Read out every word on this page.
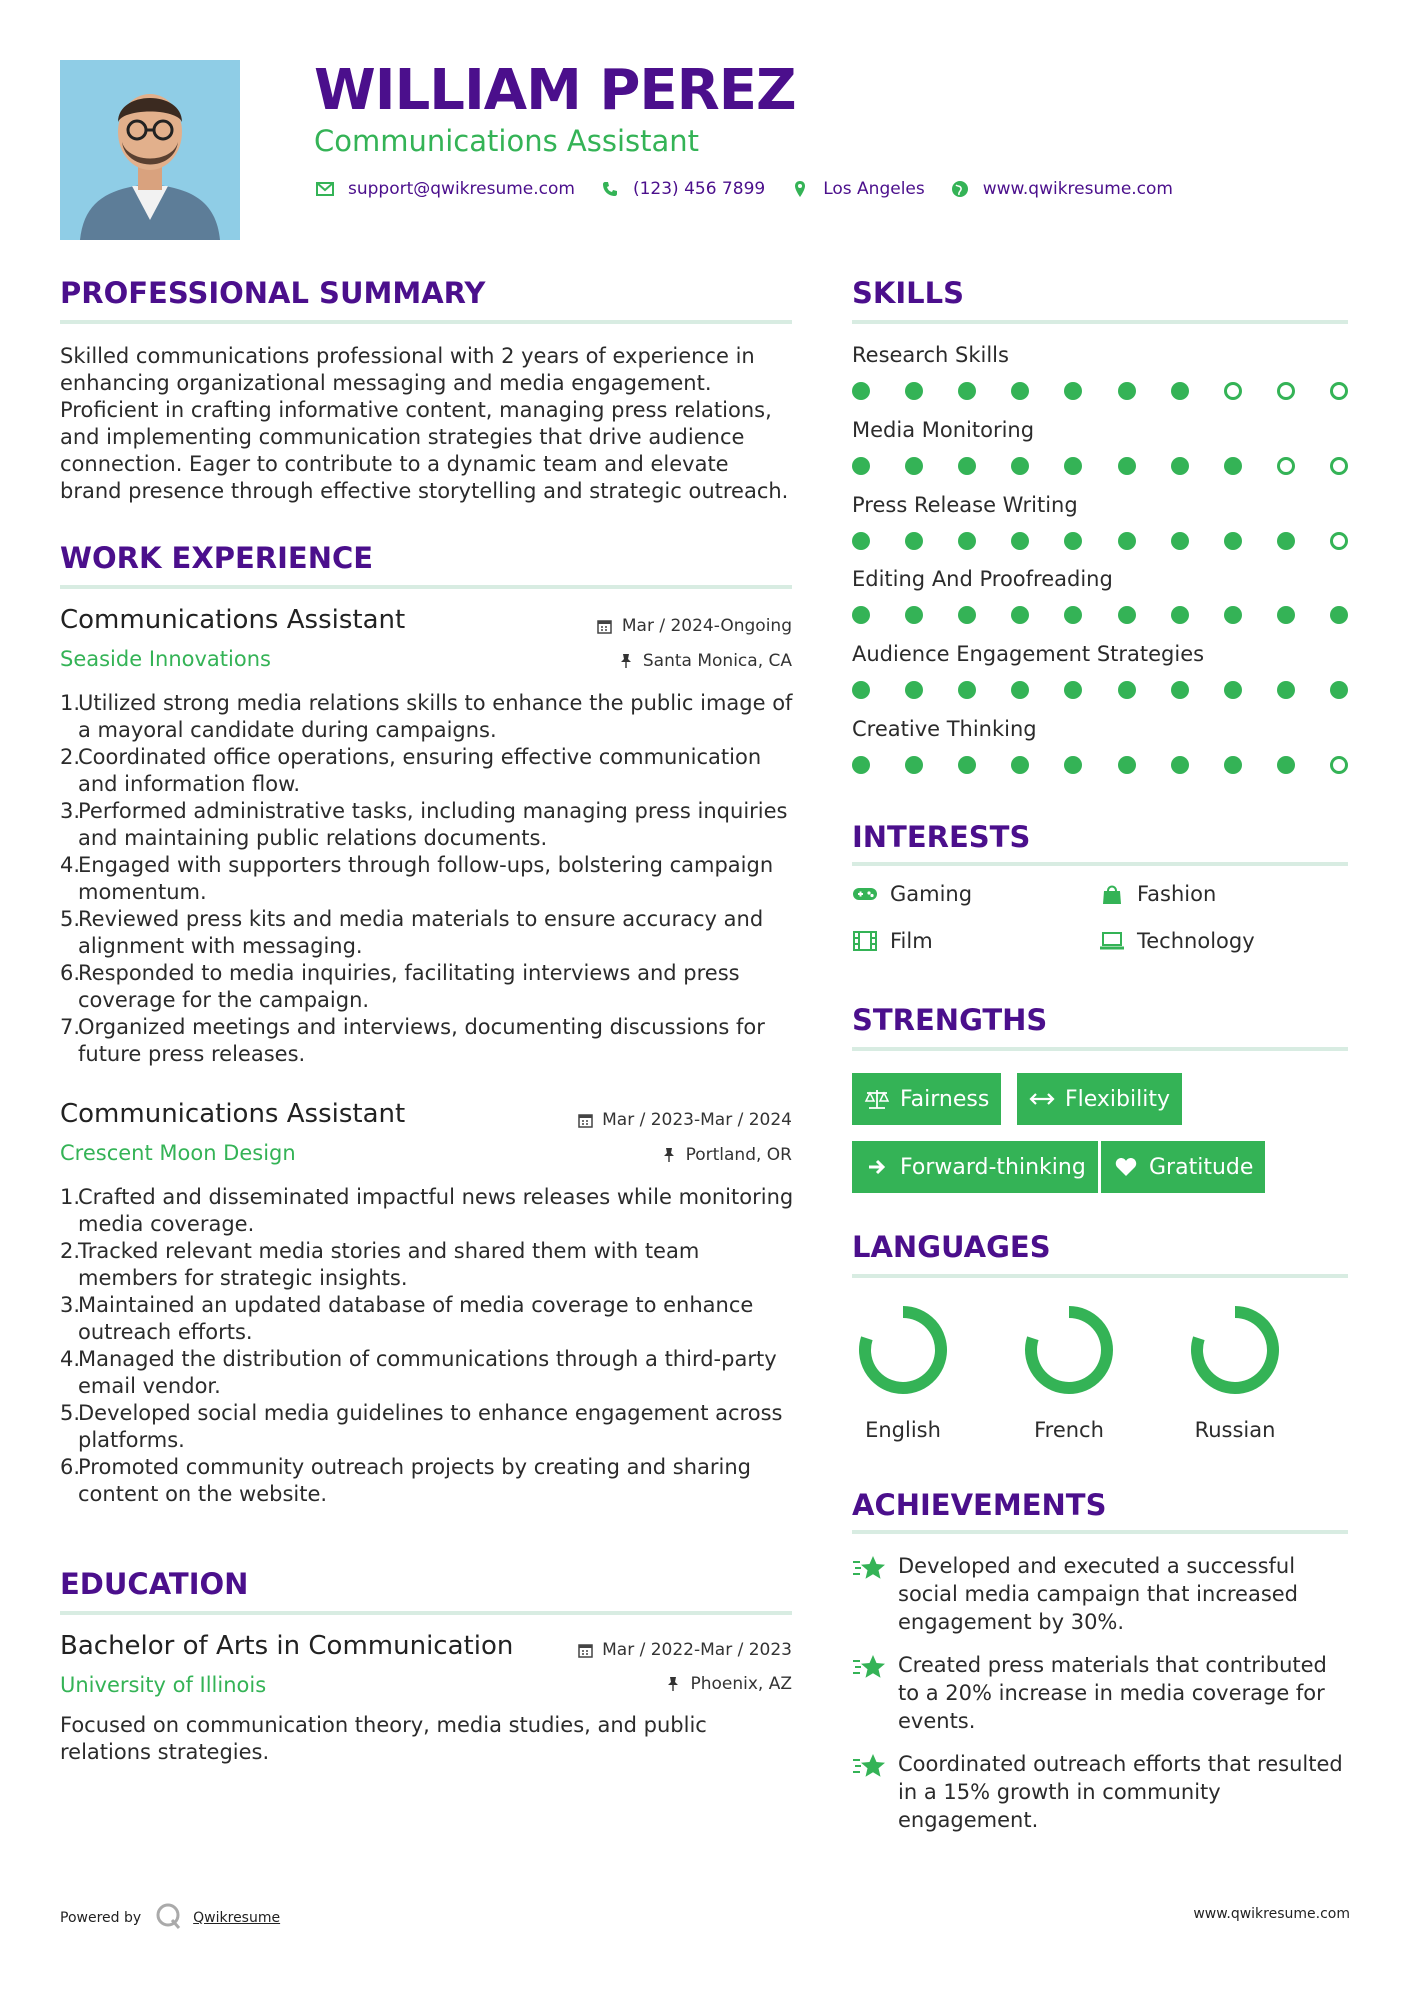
WILLIAM PEREZ
Communications Assistant
support@qwikresume.com	(123) 456 7899	Los Angeles	www.qwikresume.com
PROFESSIONAL SUMMARY
Skilled communications professional with 2 years of experience in enhancing organizational messaging and media engagement. Proficient in crafting informative content, managing press relations, and implementing communication strategies that drive audience connection. Eager to contribute to a dynamic team and elevate brand presence through effective storytelling and strategic outreach.
WORK EXPERIENCE
Communications Assistant	Mar / 2024-Ongoing
Seaside Innovations	Santa Monica, CA
Utilized strong media relations skills to enhance the public image of a mayoral candidate during campaigns.
Coordinated office operations, ensuring effective communication and information flow.
Performed administrative tasks, including managing press inquiries and maintaining public relations documents.
Engaged with supporters through follow-ups, bolstering campaign momentum.
Reviewed press kits and media materials to ensure accuracy and alignment with messaging.
Responded to media inquiries, facilitating interviews and press coverage for the campaign.
Organized meetings and interviews, documenting discussions for future press releases.
Communications Assistant	Mar / 2023-Mar / 2024
Crescent Moon Design	Portland, OR
Crafted and disseminated impactful news releases while monitoring media coverage.
Tracked relevant media stories and shared them with team members for strategic insights.
Maintained an updated database of media coverage to enhance outreach efforts.
Managed the distribution of communications through a third-party email vendor.
Developed social media guidelines to enhance engagement across platforms.
Promoted community outreach projects by creating and sharing content on the website.
EDUCATION
Bachelor of Arts in Communication	Mar / 2022-Mar / 2023
University of Illinois	Phoenix, AZ
Focused on communication theory, media studies, and public relations strategies.
SKILLS
Research Skills
Media Monitoring
Press Release Writing
Editing And Proofreading
Audience Engagement Strategies
Creative Thinking
INTERESTS
Gaming	Fashion
Film	Technology
STRENGTHS
Fairness	Flexibility
Forward-thinking	Gratitude
LANGUAGES
English	French	Russian
ACHIEVEMENTS
Developed and executed a successful social media campaign that increased engagement by 30%.
Created press materials that contributed to a 20% increase in media coverage for events.
Coordinated outreach efforts that resulted in a 15% growth in community engagement.
Powered by	Qwikresume	www.qwikresume.com
